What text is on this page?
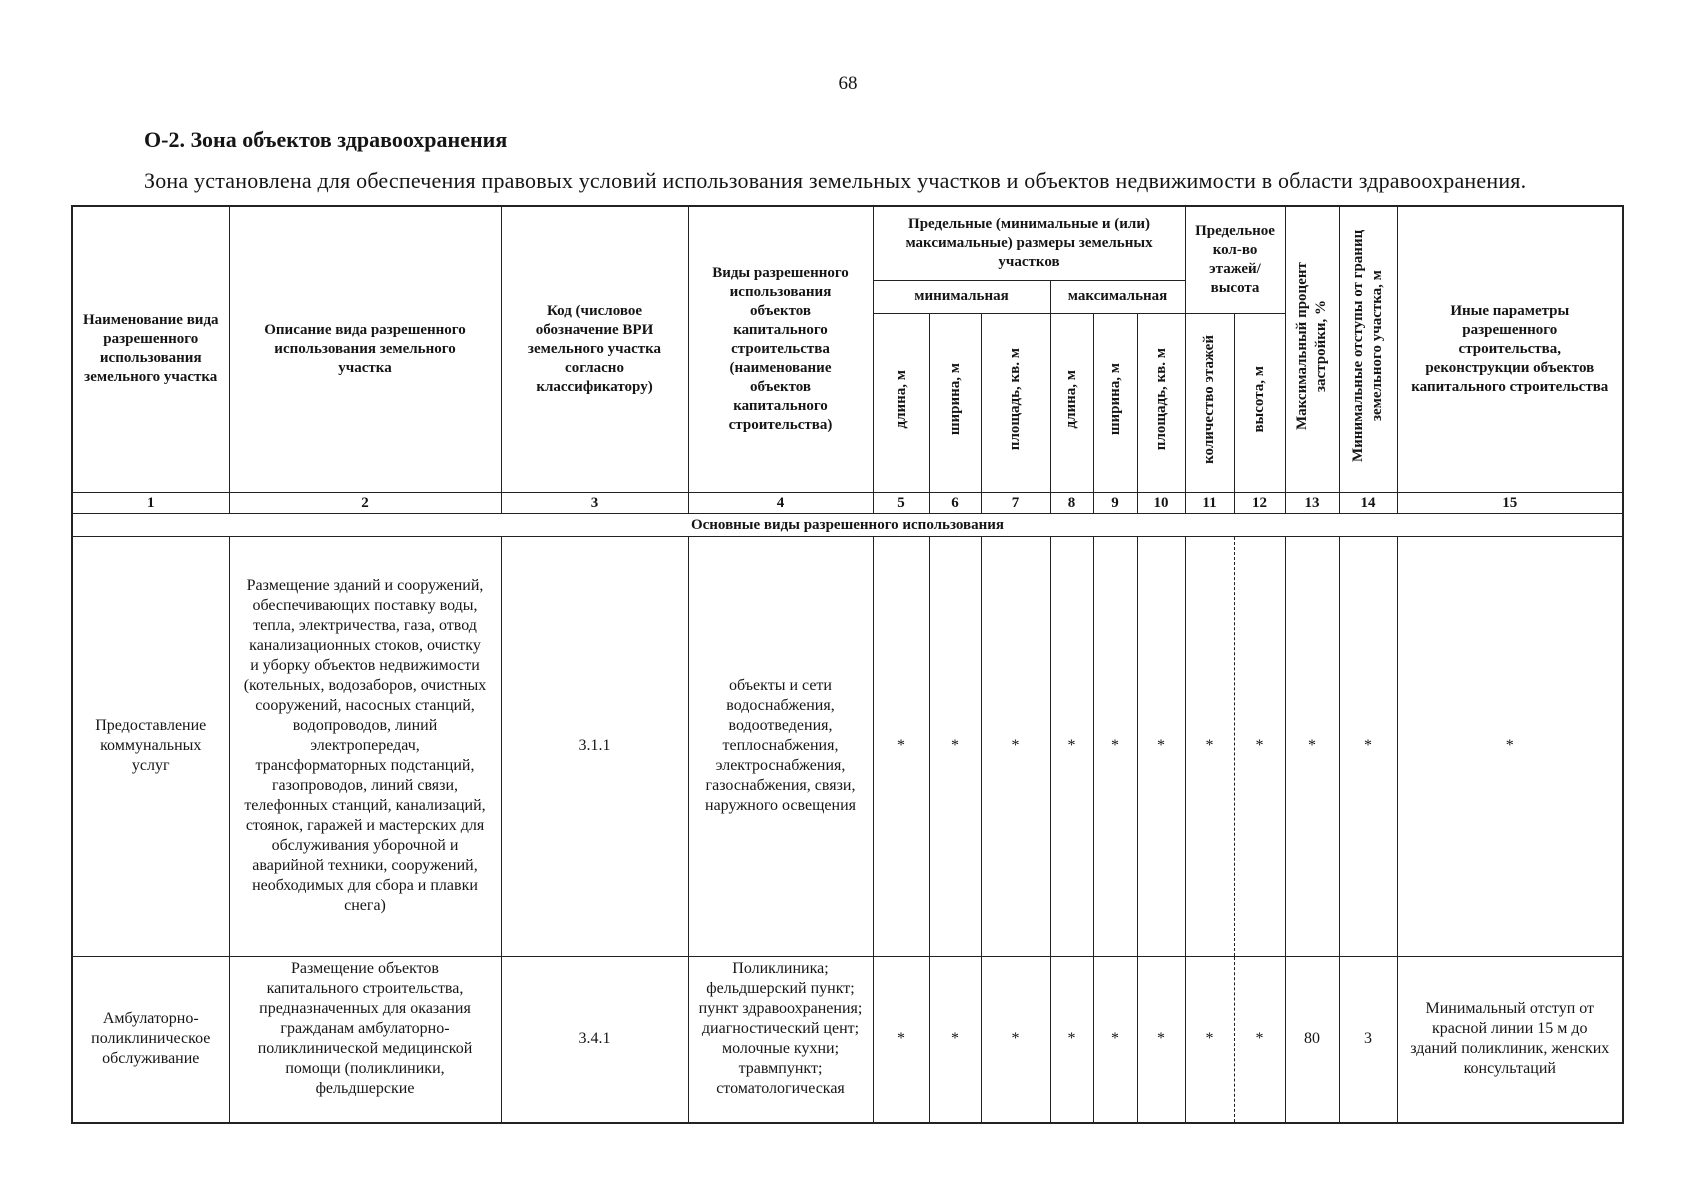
68
О-2. Зона объектов здравоохранения
Зона установлена для обеспечения правовых условий использования земельных участков и объектов недвижимости в области здравоохранения.
Наименование вида разрешенного использования земельного участка	Описание вида разрешенного использования земельного участка	Код (числовое обозначение ВРИ земельного участка согласно классификатору)	Виды разрешенного использования объектов капитального строительства (наименование объектов капитального строительства)	Предельные (минимальные и (или) максимальные) размеры земельных участков						Предельное кол-во этажей/ высота		Максимальный процент застройки, %	Минимальные отступы от границ земельного участка, м	Иные параметры разрешенного строительства, реконструкции объектов капитального строительства

				минимальная			максимальная							
				длина, м	ширина, м	площадь, кв. м	длина, м	ширина, м	площадь, кв. м	количество этажей	высота, м			
1	2	3	4	5	6	7	8	9	10	11	12	13	14	15
Основные виды разрешенного использования														

Предоставление коммунальных услуг	Размещение зданий и сооружений, обеспечивающих поставку воды, тепла, электричества, газа, отвод канализационных стоков, очистку и уборку объектов недвижимости (котельных, водозаборов, очистных сооружений, насосных станций, водопроводов, линий электропередач, трансформаторных подстанций, газопроводов, линий связи, телефонных станций, канализаций, стоянок, гаражей и мастерских для обслуживания уборочной и аварийной техники, сооружений, необходимых для сбора и плавки снега)	3.1.1	объекты и сети водоснабжения, водоотведения, теплоснабжения, электроснабжения, газоснабжения, связи, наружного освещения	*	*	*	*	*	*	*	*	*	*	*

Амбулаторно-поликлиническое обслуживание	Размещение объектов капитального строительства, предназначенных для оказания гражданам амбулаторно-поликлинической медицинской помощи (поликлиники, фельдшерские	3.4.1	Поликлиника; фельдшерский пункт; пункт здравоохранения; диагностический цент; молочные кухни; травмпункт; стоматологическая	*	*	*	*	*	*	*	*	80	3	Минимальный отступ от красной линии 15 м до зданий поликлиник, женских консультаций
